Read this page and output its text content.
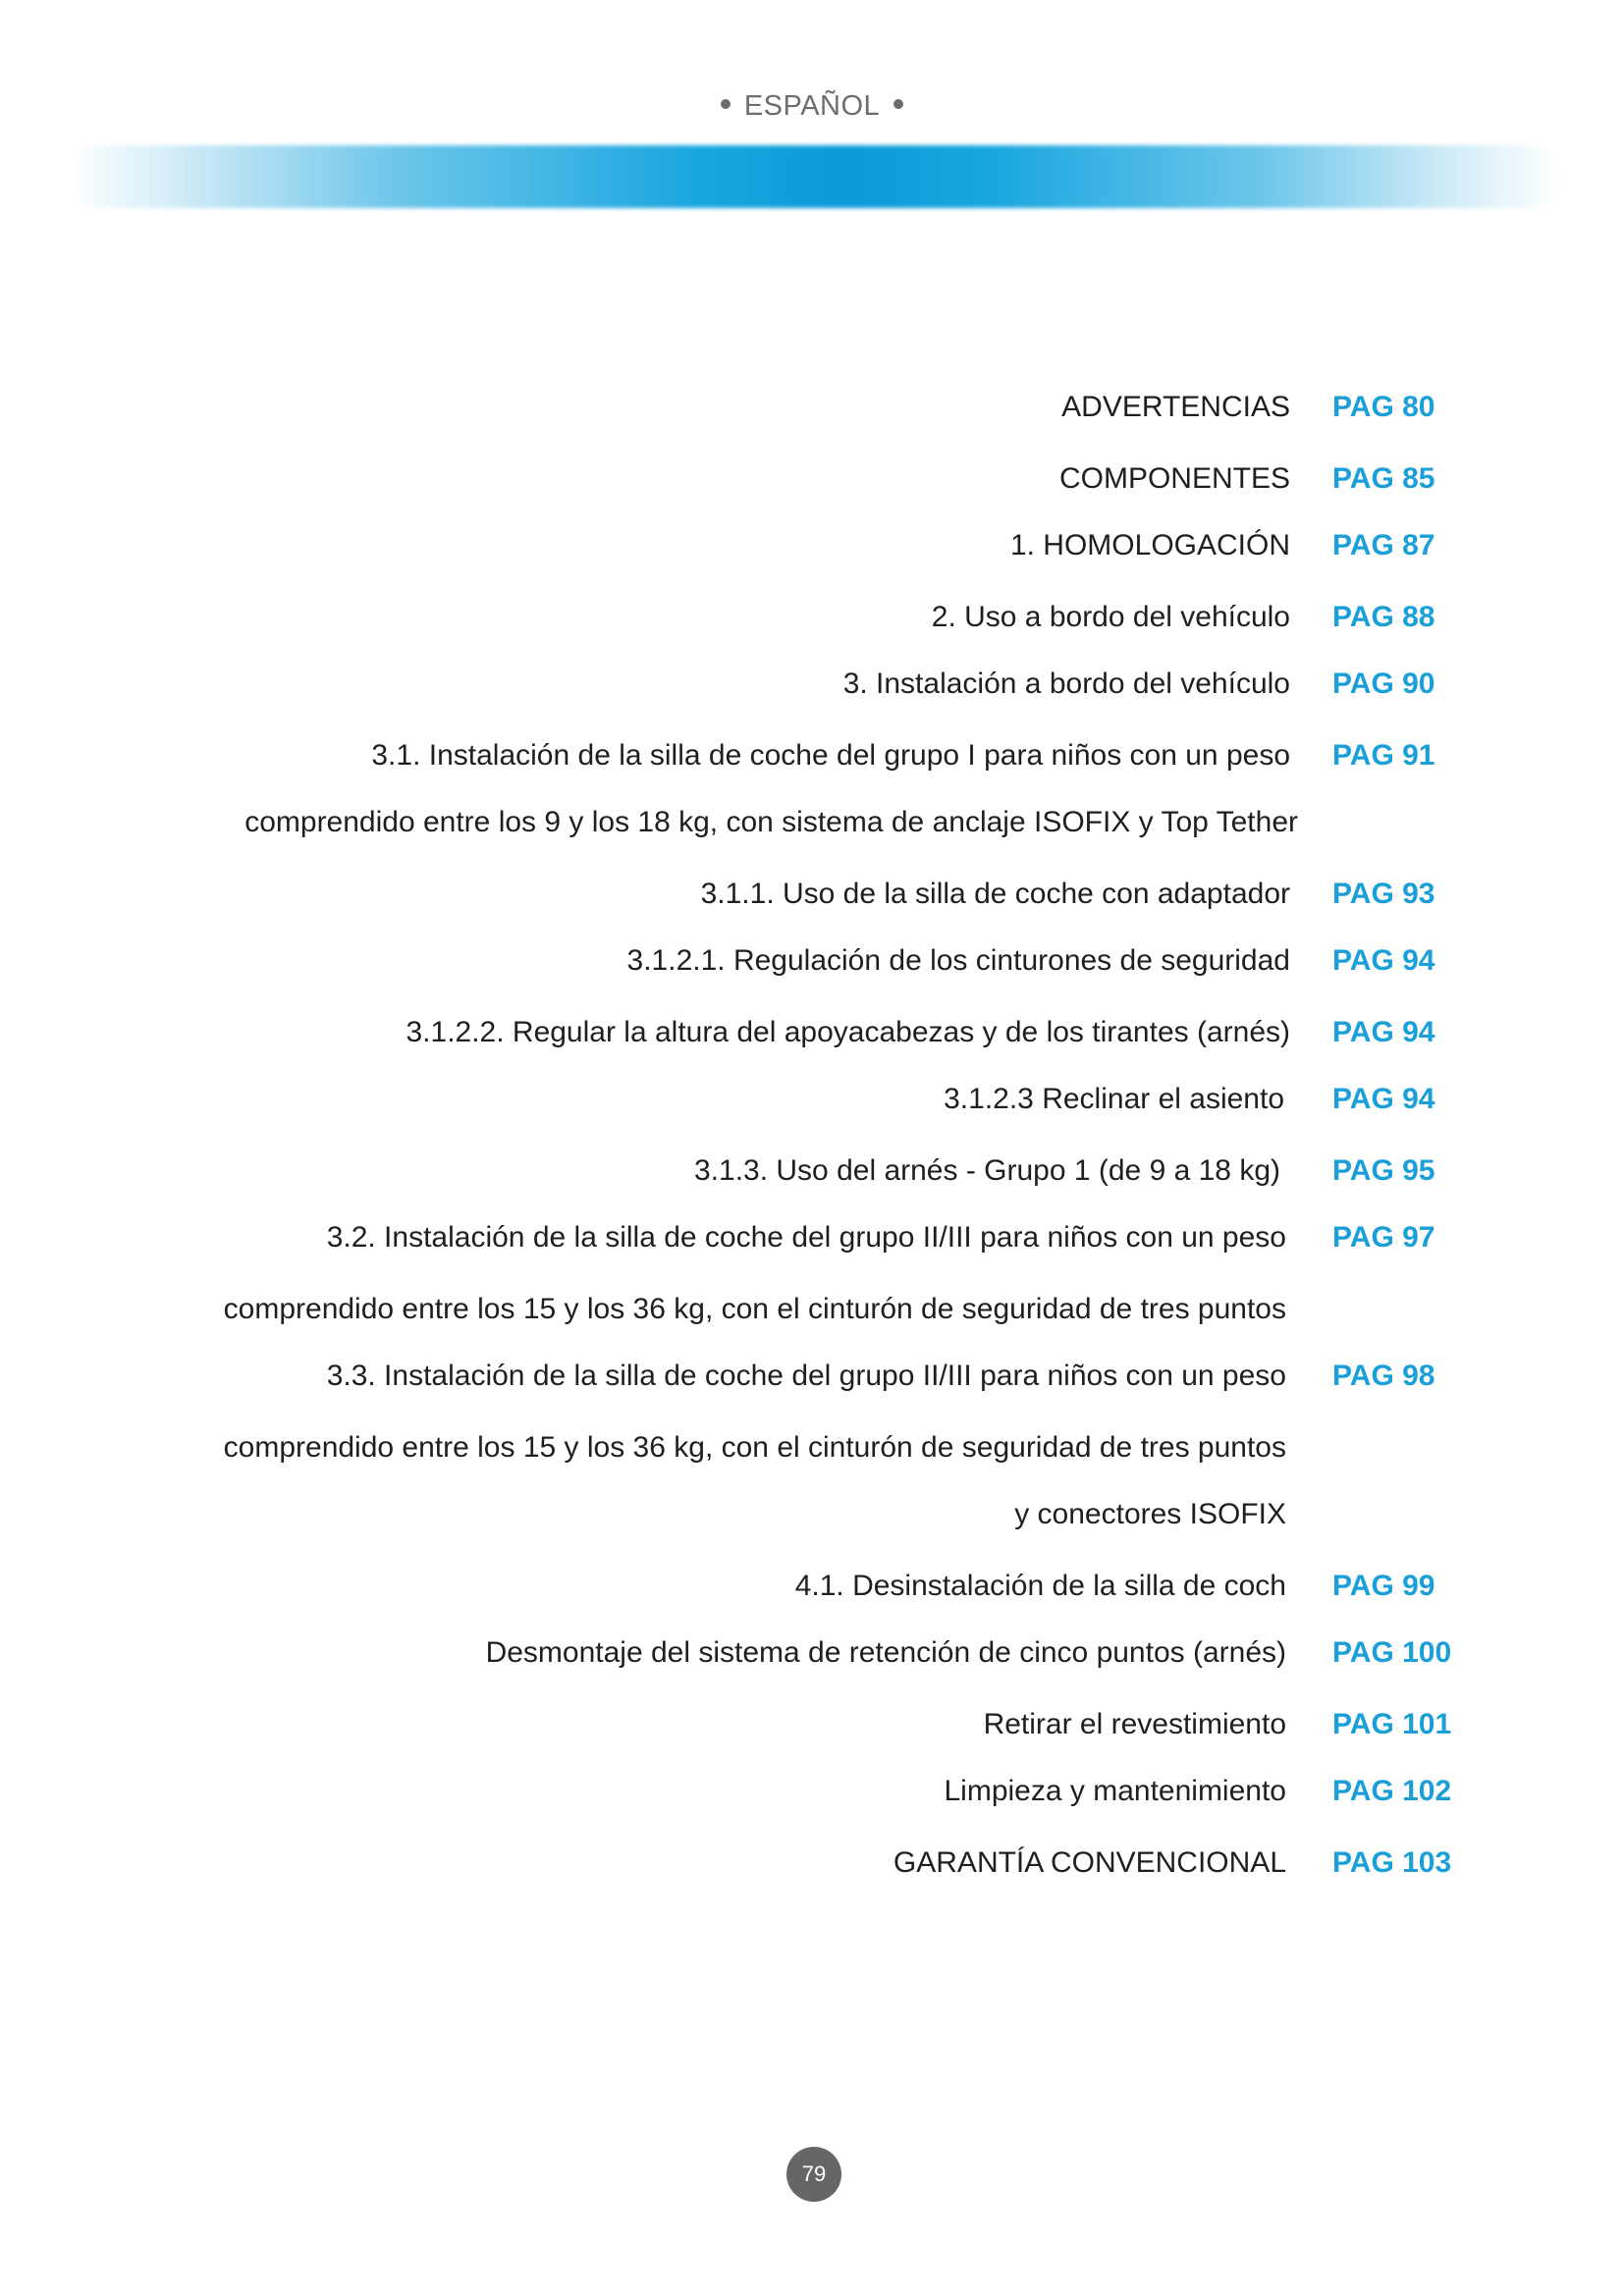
ESPAÑOL
ADVERTENCIAS PAG 80
COMPONENTES PAG 85
1. HOMOLOGACIÓN PAG 87
2. Uso a bordo del vehículo PAG 88
3. Instalación a bordo del vehículo PAG 90
3.1. Instalación de la silla de coche del grupo I para niños con un peso PAG 91
comprendido entre los 9 y los 18 kg, con sistema de anclaje ISOFIX y Top Tether
3.1.1. Uso de la silla de coche con adaptador PAG 93
3.1.2.1. Regulación de los cinturones de seguridad PAG 94
3.1.2.2. Regular la altura del apoyacabezas y de los tirantes (arnés) PAG 94
3.1.2.3 Reclinar el asiento PAG 94
3.1.3. Uso del arnés - Grupo 1 (de 9 a 18 kg) PAG 95
3.2. Instalación de la silla de coche del grupo II/III para niños con un peso PAG 97
comprendido entre los 15 y los 36 kg, con el cinturón de seguridad de tres puntos
3.3. Instalación de la silla de coche del grupo II/III para niños con un peso PAG 98
comprendido entre los 15 y los 36 kg, con el cinturón de seguridad de tres puntos
y conectores ISOFIX
4.1. Desinstalación de la silla de coch PAG 99
Desmontaje del sistema de retención de cinco puntos (arnés) PAG 100
Retirar el revestimiento PAG 101
Limpieza y mantenimiento PAG 102
GARANTÍA CONVENCIONAL PAG 103
79
